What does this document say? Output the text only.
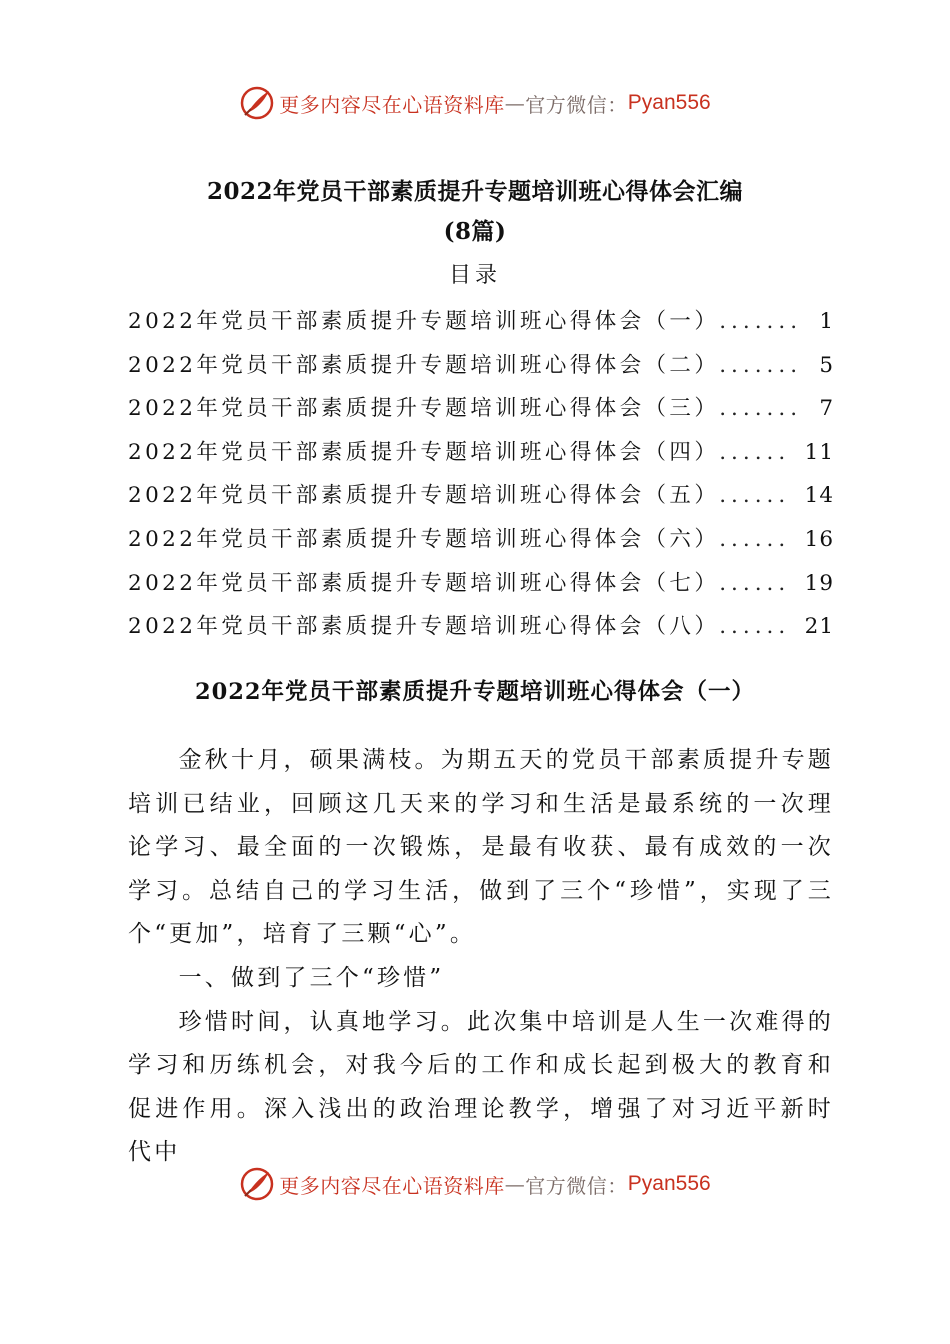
更多内容尽在心语资料库 — 官方微信： Pyan556
2022年党员干部素质提升专题培训班心得体会汇编
(8篇)
目录
2022年党员干部素质提升专题培训班心得体会（一） ....... 1
2022年党员干部素质提升专题培训班心得体会（二） ....... 5
2022年党员干部素质提升专题培训班心得体会（三） ....... 7
2022年党员干部素质提升专题培训班心得体会（四） ...... 11
2022年党员干部素质提升专题培训班心得体会（五） ...... 14
2022年党员干部素质提升专题培训班心得体会（六） ...... 16
2022年党员干部素质提升专题培训班心得体会（七） ...... 19
2022年党员干部素质提升专题培训班心得体会（八） ...... 21
2022年党员干部素质提升专题培训班心得体会（一）

金秋十月，硕果满枝。为期五天的党员干部素质提升专题培训已结业，回顾这几天来的学习和生活是最系统的一次理论学习、最全面的一次锻炼，是最有收获、最有成效的一次学习。总结自己的学习生活，做到了三个“珍惜”，实现了三个“更加”，培育了三颗“心”。

一、做到了三个“珍惜”

珍惜时间，认真地学习。此次集中培训是人生一次难得的学习和历练机会，对我今后的工作和成长起到极大的教育和促进作用。深入浅出的政治理论教学，增强了对习近平新时代中

更多内容尽在心语资料库 — 官方微信： Pyan556
